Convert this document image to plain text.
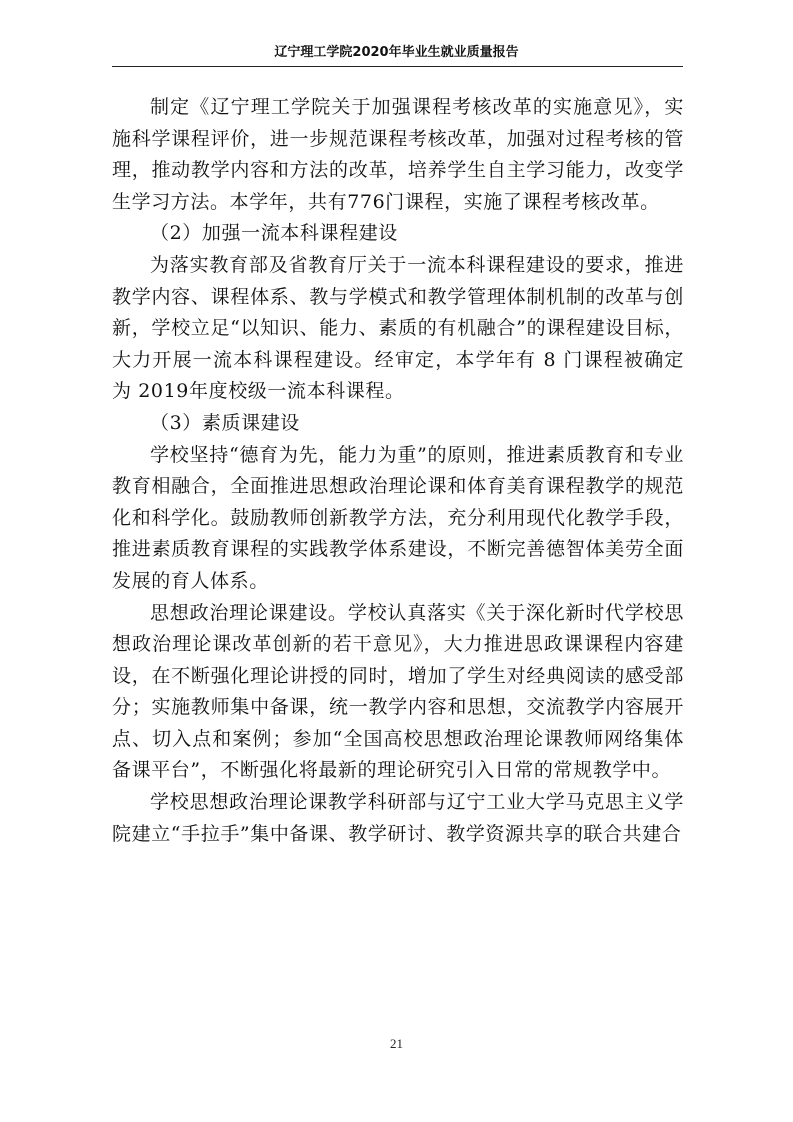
辽宁理工学院2020年毕业生就业质量报告

制定《辽宁理工学院关于加强课程考核改革的实施意见》，实施科学课程评价，进一步规范课程考核改革，加强对过程考核的管理，推动教学内容和方法的改革，培养学生自主学习能力，改变学生学习方法。本学年，共有776门课程，实施了课程考核改革。

（2）加强一流本科课程建设

为落实教育部及省教育厅关于一流本科课程建设的要求，推进教学内容、课程体系、教与学模式和教学管理体制机制的改革与创新，学校立足“以知识、能力、素质的有机融合”的课程建设目标，大力开展一流本科课程建设。经审定，本学年有 8 门课程被确定为 2019年度校级一流本科课程。

（3）素质课建设

学校坚持“德育为先，能力为重”的原则，推进素质教育和专业教育相融合，全面推进思想政治理论课和体育美育课程教学的规范化和科学化。鼓励教师创新教学方法，充分利用现代化教学手段，推进素质教育课程的实践教学体系建设，不断完善德智体美劳全面发展的育人体系。

思想政治理论课建设。学校认真落实《关于深化新时代学校思想政治理论课改革创新的若干意见》，大力推进思政课课程内容建设，在不断强化理论讲授的同时，增加了学生对经典阅读的感受部分；实施教师集中备课，统一教学内容和思想，交流教学内容展开点、切入点和案例；参加“全国高校思想政治理论课教师网络集体备课平台”，不断强化将最新的理论研究引入日常的常规教学中。

学校思想政治理论课教学科研部与辽宁工业大学马克思主义学院建立“手拉手”集中备课、教学研讨、教学资源共享的联合共建合

21
